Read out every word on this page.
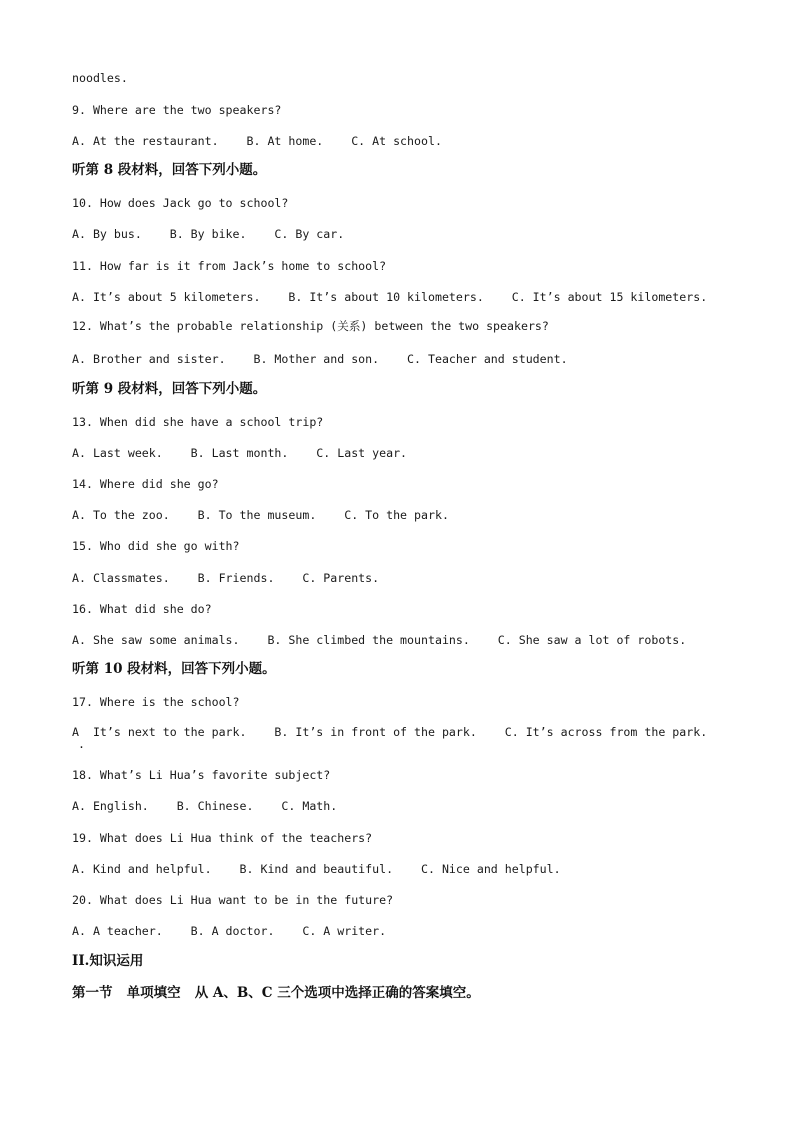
noodles.
9. Where are the two speakers?
A. At the restaurant.    B. At home.    C. At school.
听第 8 段材料，回答下列小题。
10. How does Jack go to school?
A. By bus.    B. By bike.    C. By car.
11. How far is it from Jack’s home to school?
A. It’s about 5 kilometers.    B. It’s about 10 kilometers.    C. It’s about 15 kilometers.
12. What’s the probable relationship (关系) between the two speakers?
A. Brother and sister.    B. Mother and son.    C. Teacher and student.
听第 9 段材料，回答下列小题。
13. When did she have a school trip?
A. Last week.    B. Last month.    C. Last year.
14. Where did she go?
A. To the zoo.    B. To the museum.    C. To the park.
15. Who did she go with?
A. Classmates.    B. Friends.    C. Parents.
16. What did she do?
A. She saw some animals.    B. She climbed the mountains.    C. She saw a lot of robots.
听第 10 段材料，回答下列小题。
17. Where is the school?
A  It’s next to the park.    B. It’s in front of the park.    C. It’s across from the park.
.
18. What’s Li Hua’s favorite subject?
A. English.    B. Chinese.    C. Math.
19. What does Li Hua think of the teachers?
A. Kind and helpful.    B. Kind and beautiful.    C. Nice and helpful.
20. What does Li Hua want to be in the future?
A. A teacher.    B. A doctor.    C. A writer.
II.知识运用
第一节   单项填空   从 A、B、C 三个选项中选择正确的答案填空。
